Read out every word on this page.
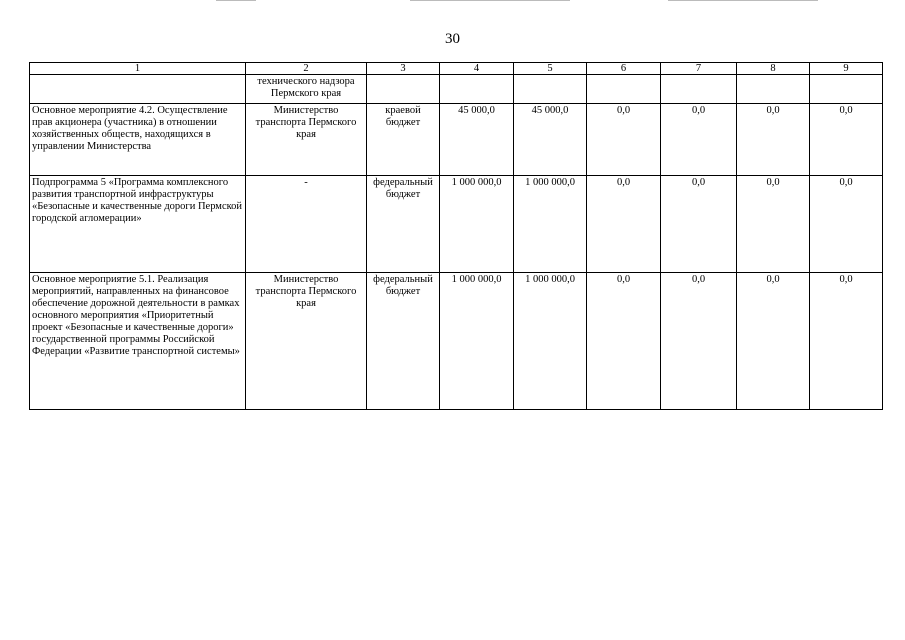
30
1	2	3	4	5	6	7	8	9
	технического надзора Пермского края							
Основное мероприятие 4.2. Осуществление прав акционера (участника) в отношении хозяйственных обществ, находящихся в управлении Министерства	Министерство транспорта Пермского края	краевой бюджет	45 000,0	45 000,0	0,0	0,0	0,0	0,0
Подпрограмма 5 «Программа комплексного развития транспортной инфраструктуры «Безопасные и качественные дороги Пермской городской агломерации»	-	федеральный бюджет	1 000 000,0	1 000 000,0	0,0	0,0	0,0	0,0
Основное мероприятие 5.1. Реализация мероприятий, направленных на финансовое обеспечение дорожной деятельности в рамках основного мероприятия «Приоритетный проект «Безопасные и качественные дороги» государственной программы Российской Федерации «Развитие транспортной системы»	Министерство транспорта Пермского края	федеральный бюджет	1 000 000,0	1 000 000,0	0,0	0,0	0,0	0,0
